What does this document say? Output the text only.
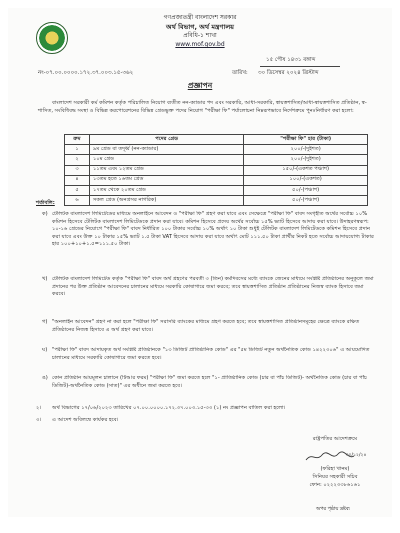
গণপ্রজাতন্ত্রী বাংলাদেশ সরকার
অর্থ বিভাগ, অর্থ মন্ত্রণালয়
প্রবিধি-১ শাখা
www.mof.gov.bd
১৫ পৌষ ১৪৩১ বঙ্গাব্দ
নং-০৭.০০.০০০০.১৭২.৩৭.০০৩.১৫-৩৬২	তারিখ: ৩০ ডিসেম্বর ২০২৪ খ্রিস্টাব্দ
প্রজ্ঞাপন
বাংলাদেশ সরকারী কর্ম কমিশন কর্তৃক পরিচালিত নিয়োগ ব্যতীত নন-ক্যাডার পদ এবং সরকারি, আধা-সরকারি, স্বায়ত্তশাসিত/আধা-স্বায়ত্তশাসিত প্রতিষ্ঠান, স্ব-শাসিত, সংবিধিবদ্ধ সংস্থা ও বিভিন্ন করপোরেশনের বিভিন্ন গ্রেডভুক্ত পদের নিয়োগ "পরীক্ষা ফি" পর্যালোচনা নিম্নরূপভাবে নির্দেশক্রমে পুনঃনির্ধারণ করা হলো:
ক্রম	পদের গ্রেড	"পরীক্ষা ফি" হার (টাকা)
১	৯ম গ্রেড বা তদূর্ধ্ব (নন-ক্যাডার)	২০০/-(দুইশত)
২	১০ম গ্রেড	২০০/-(দুইশত)
৩	১১তম এবং ১২তম গ্রেড	১৫০/-(একশত পঞ্চাশ)
৪	১৩তম হতে ১৬তম গ্রেড	১০০/-(একশত)
৫	১৭তম থেকে ২০তম গ্রেড	৫০/-(পঞ্চাশ)
৬	সকল গ্রেড (অনগ্রসর নাগরিক)	৫০/-(পঞ্চাশ)
শর্তাবলি:
ক) টেলিটক বাংলাদেশ লিমিটেডের মাধ্যমে অনলাইনে আবেদন ও "পরীক্ষা ফি" গ্রহণ করা যাবে এবং সেক্ষেত্রে "পরীক্ষা ফি" বাবদ সংগৃহীত অর্থের সর্বোচ্চ ১০% কমিশন হিসেবে টেলিটক বাংলাদেশ লিমিটেডকে প্রদান করা যাবে। কমিশন হিসেবে প্রদেয় অর্থের সর্বোচ্চ ১৫% ভ্যাট হিসেবে আদায় করা যাবে। উদাহরণস্বরূপ: ১০-১৬ গ্রেডের নিয়োগে "পরীক্ষা ফি" বাবদ নির্ধারিত ১০০ টাকার সর্বোচ্চ ১০% অর্থাৎ ১০ টাকা শুধুই টেলিটক বাংলাদেশ লিমিটেডকে কমিশন হিসেবে প্রদান করা যাবে এবং উক্ত ১০ টাকার ১৫% ভ্যাট ১.৫ টাকা VAT হিসেবে আদায় করা যাবে অর্থাৎ মোট ১১১.৫০ টাকা প্রার্থীর নিকট হতে সর্বোচ্চ আদায়যোগ্য টাকার হার ১০০+১০+১.৫=১১১.৫০ টাকা।
খ) টেলিটক বাংলাদেশ লিমিটেড কর্তৃক "পরীক্ষা ফি" বাবদ অর্থ গ্রহণের পরবর্তী ৩ (তিন) কর্মদিবসের মধ্যে ব্যাংকে জেনের মাধ্যমে সংশ্লিষ্ট প্রতিষ্ঠানের অনুকূলে জমা প্রদানের পর উক্ত প্রতিষ্ঠান আবেদনের চালানের মাধ্যমে সরকারি কোষাগারে জমা করবে; তবে স্বায়ত্তশাসিত প্রতিষ্ঠান প্রতিষ্ঠানের নিজস্ব ব্যাংক হিসাবে জমা করবে।
গ) "অনলাইন আবেদন" গ্রহণ না করা হলে "পরীক্ষা ফি" সরাসরি ব্যাংকের মাধ্যমে গ্রহণ করতে হবে; তবে স্বায়ত্তশাসিত প্রতিষ্ঠানসমূহের ক্ষেত্রে ব্যাংকে রক্ষিত প্রতিষ্ঠানের নিজস্ব হিসাবে এ অর্থ গ্রহণ করা যাবে।
ঘ) "পরীক্ষা ফি" বাবদ আদায়কৃত অর্থ সংশ্লিষ্ট প্রতিষ্ঠানকে "১৩ ডিজিট প্রাতিষ্ঠানিক কোড" এর "৫ম ডিজিট নতুন অর্থনৈতিক কোড ১৪২২৩০৬" এ আয়মোদিত চালানের মাধ্যমে সরকারি কোষাগারে জমা করতে হবে।
ঙ) কোন প্রতিষ্ঠান আয়মূলন চালানে (টিআর ফরম) "পরীক্ষা ফি" জমা করতে হলে "১- প্রাতিষ্ঠানিক কোড (চার বা পাঁচ ডিজিট)- অর্থনৈতিক কোড (চার বা পাঁচ ডিজিট)-অর্থনৈতিক কোড (সাত)" এর অধীনে জমা করতে হবে।
২। অর্থ বিভাগের ১৭/০৬/২০২৩ তারিখের ০৭.০০.০০০০.১৭২.৩৭.০০৩.১৫-৩৩ (১) নং প্রজ্ঞাপন বাতিল করা হলো।
৩। এ আদেশ অবিলম্বে কার্যকর হবে।
রাষ্ট্রপতির আদেশক্রমে
৩০/১২/২৪
(ফরিহা খানম)
সিনিয়র সহকারী সচিব
ফোন: ০২২২৩৩৮৬১৬১
অপর পৃষ্ঠায় দ্রষ্টব্য
